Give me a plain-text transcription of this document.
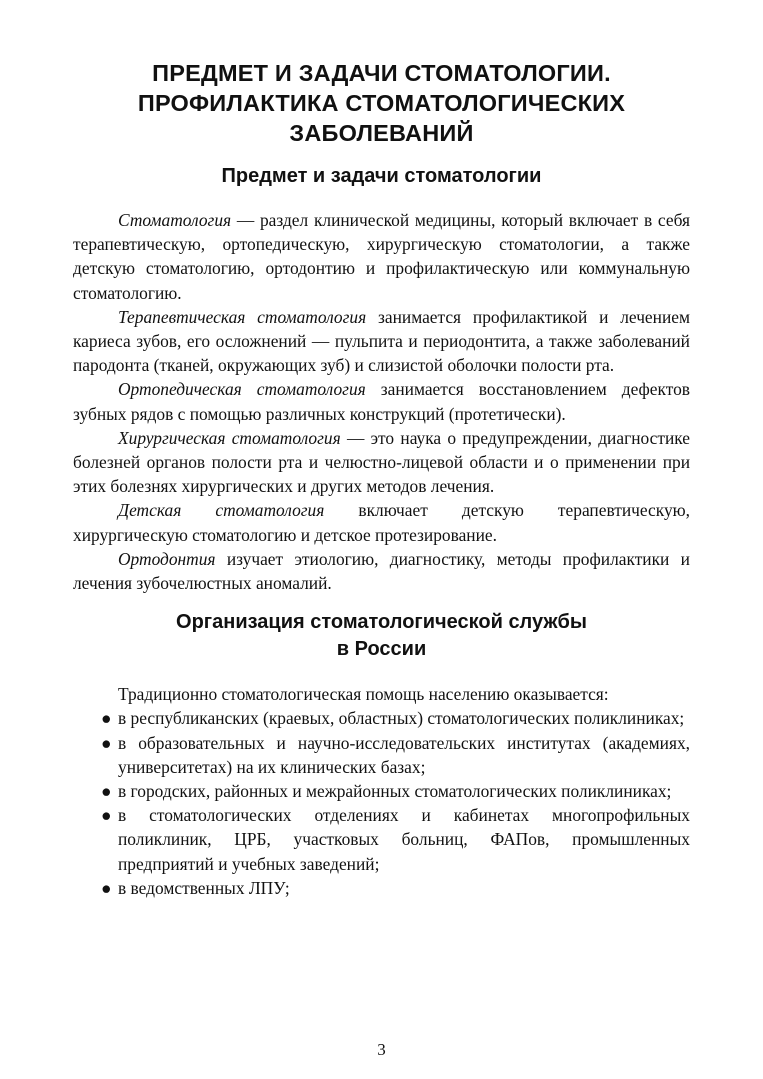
ПРЕДМЕТ И ЗАДАЧИ СТОМАТОЛОГИИ.
ПРОФИЛАКТИКА СТОМАТОЛОГИЧЕСКИХ
ЗАБОЛЕВАНИЙ
Предмет и задачи стоматологии

Стоматология — раздел клинической медицины, который включает в себя терапевтическую, ортопедическую, хирургическую стоматологии, а также детскую стоматологию, ортодонтию и профилактическую или коммунальную стоматологию.

Терапевтическая стоматология занимается профилактикой и лечением кариеса зубов, его осложнений — пульпита и периодонтита, а также заболеваний пародонта (тканей, окружающих зуб) и слизистой оболочки полости рта.

Ортопедическая стоматология занимается восстановлением дефектов зубных рядов с помощью различных конструкций (протетически).

Хирургическая стоматология — это наука о предупреждении, диагностике болезней органов полости рта и челюстно-лицевой области и о применении при этих болезнях хирургических и других методов лечения.

Детская стоматология включает детскую терапевтическую, хирургическую стоматологию и детское протезирование.

Ортодонтия изучает этиологию, диагностику, методы профилактики и лечения зубочелюстных аномалий.

Организация стоматологической службы
в России

Традиционно стоматологическая помощь населению оказывается:

● в республиканских (краевых, областных) стоматологических поликлиниках;
● в образовательных и научно-исследовательских институтах (академиях, университетах) на их клинических базах;
● в городских, районных и межрайонных стоматологических поликлиниках;
● в стоматологических отделениях и кабинетах многопрофильных поликлиник, ЦРБ, участковых больниц, ФАПов, промышленных предприятий и учебных заведений;
● в ведомственных ЛПУ;
3
